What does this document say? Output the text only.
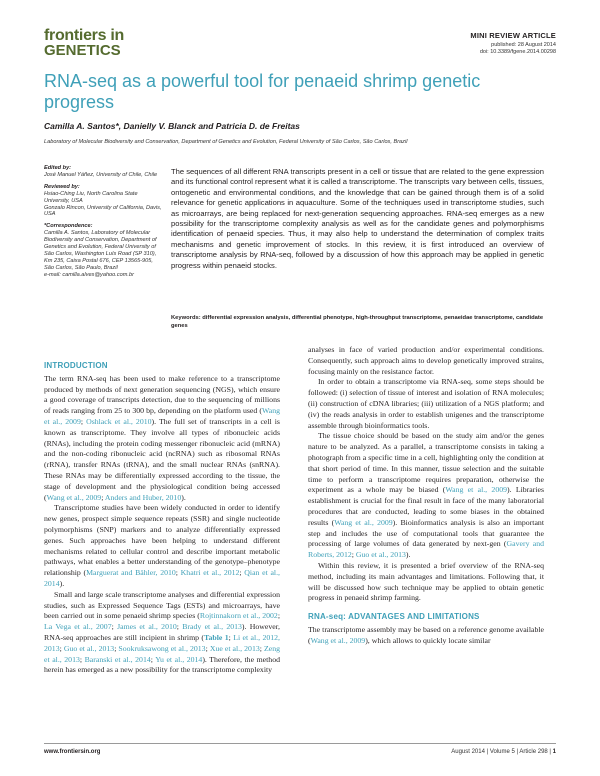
frontiers in
GENETICS
MINI REVIEW ARTICLE
published: 28 August 2014
doi: 10.3389/fgene.2014.00298
RNA-seq as a powerful tool for penaeid shrimp genetic progress
Camilla A. Santos*, Danielly V. Blanck and Patricia D. de Freitas
Laboratory of Molecular Biodiversity and Conservation, Department of Genetics and Evolution, Federal University of São Carlos, São Carlos, Brazil
Edited by:
José Manuel Yáñez, University of Chile, Chile
Reviewed by:
Hsiao-Ching Liu, North Carolina State University, USA
Gonzalo Rincon, University of California, Davis, USA
*Correspondence:
Camilla A. Santos, Laboratory of Molecular Biodiversity and Conservation, Department of Genetics and Evolution, Federal University of São Carlos, Washington Luís Road (SP 310), Km 235, Caixa Postal 676, CEP 13565-905, São Carlos, São Paulo, Brazil
e-mail: camilla.alves@yahoo.com.br
The sequences of all different RNA transcripts present in a cell or tissue that are related to the gene expression and its functional control represent what it is called a transcriptome. The transcripts vary between cells, tissues, ontogenetic and environmental conditions, and the knowledge that can be gained through them is of a solid relevance for genetic applications in aquaculture. Some of the techniques used in transcriptome studies, such as microarrays, are being replaced for next-generation sequencing approaches. RNA-seq emerges as a new possibility for the transcriptome complexity analysis as well as for the candidate genes and polymorphisms identification of penaeid species. Thus, it may also help to understand the determination of complex traits mechanisms and genetic improvement of stocks. In this review, it is first introduced an overview of transcriptome analysis by RNA-seq, followed by a discussion of how this approach may be applied in genetic progress within penaeid stocks.
Keywords: differential expression analysis, differential phenotype, high-throughput transcriptome, penaeidae transcriptome, candidate genes
INTRODUCTION

The term RNA-seq has been used to make reference to a transcriptome produced by methods of next generation sequencing (NGS), which ensure a good coverage of transcripts detection, due to the sequencing of millions of reads ranging from 25 to 300 bp, depending on the platform used (Wang et al., 2009; Oshlack et al., 2010). The full set of transcripts in a cell is known as transcriptome. They involve all types of ribonucleic acids (RNAs), including the protein coding messenger ribonucleic acid (mRNA) and the non-coding ribonucleic acid (ncRNA) such as ribosomal RNAs (rRNA), transfer RNAs (tRNA), and the small nuclear RNAs (snRNA). These RNAs may be differentially expressed according to the tissue, the stage of development and the physiological condition being accessed (Wang et al., 2009; Anders and Huber, 2010).

Transcriptome studies have been widely conducted in order to identify new genes, prospect simple sequence repeats (SSR) and single nucleotide polymorphisms (SNP) markers and to analyze differentially expressed genes. Such approaches have been helping to understand different mechanisms related to cellular control and describe important metabolic pathways, what enables a better understanding of the genotype–phenotype relationship (Marguerat and Bähler, 2010; Khatri et al., 2012; Qian et al., 2014).

Small and large scale transcriptome analyses and differential expression studies, such as Expressed Sequence Tags (ESTs) and microarrays, have been carried out in some penaeid shrimp species (Rojtinnakorn et al., 2002; La Vega et al., 2007; James et al., 2010; Brady et al., 2013). However, RNA-seq approaches are still incipient in shrimp (Table 1; Li et al., 2012, 2013; Guo et al., 2013; Sookruksawong et al., 2013; Xue et al., 2013; Zeng et al., 2013; Baranski et al., 2014; Yu et al., 2014). Therefore, the method herein has emerged as a new possibility for the transcriptome complexity

analyses in face of varied production and/or experimental conditions. Consequently, such approach aims to develop genetically improved strains, focusing mainly on the resistance factor.

In order to obtain a transcriptome via RNA-seq, some steps should be followed: (i) selection of tissue of interest and isolation of RNA molecules; (ii) construction of cDNA libraries; (iii) utilization of a NGS platform; and (iv) the reads analysis in order to establish unigenes and the transcriptome assemble through bioinformatics tools.

The tissue choice should be based on the study aim and/or the genes nature to be analyzed. As a parallel, a transcriptome consists in taking a photograph from a specific time in a cell, highlighting only the condition at that short period of time. In this manner, tissue selection and the suitable time to perform a transcriptome requires preparation, otherwise the experiment as a whole may be biased (Wang et al., 2009). Libraries establishment is crucial for the final result in face of the many laboratorial procedures that are conducted, leading to some biases in the obtained results (Wang et al., 2009). Bioinformatics analysis is also an important step and includes the use of computational tools that guarantee the processing of large volumes of data generated by next-gen (Gavery and Roberts, 2012; Guo et al., 2013).

Within this review, it is presented a brief overview of the RNA-seq method, including its main advantages and limitations. Following that, it will be discussed how such technique may be applied to obtain genetic progress in penaeid shrimp farming.

RNA-seq: ADVANTAGES AND LIMITATIONS

The transcriptome assembly may be based on a reference genome available (Wang et al., 2009), which allows to quickly locate similar

www.frontiersin.org	August 2014 | Volume 5 | Article 298 | 1
